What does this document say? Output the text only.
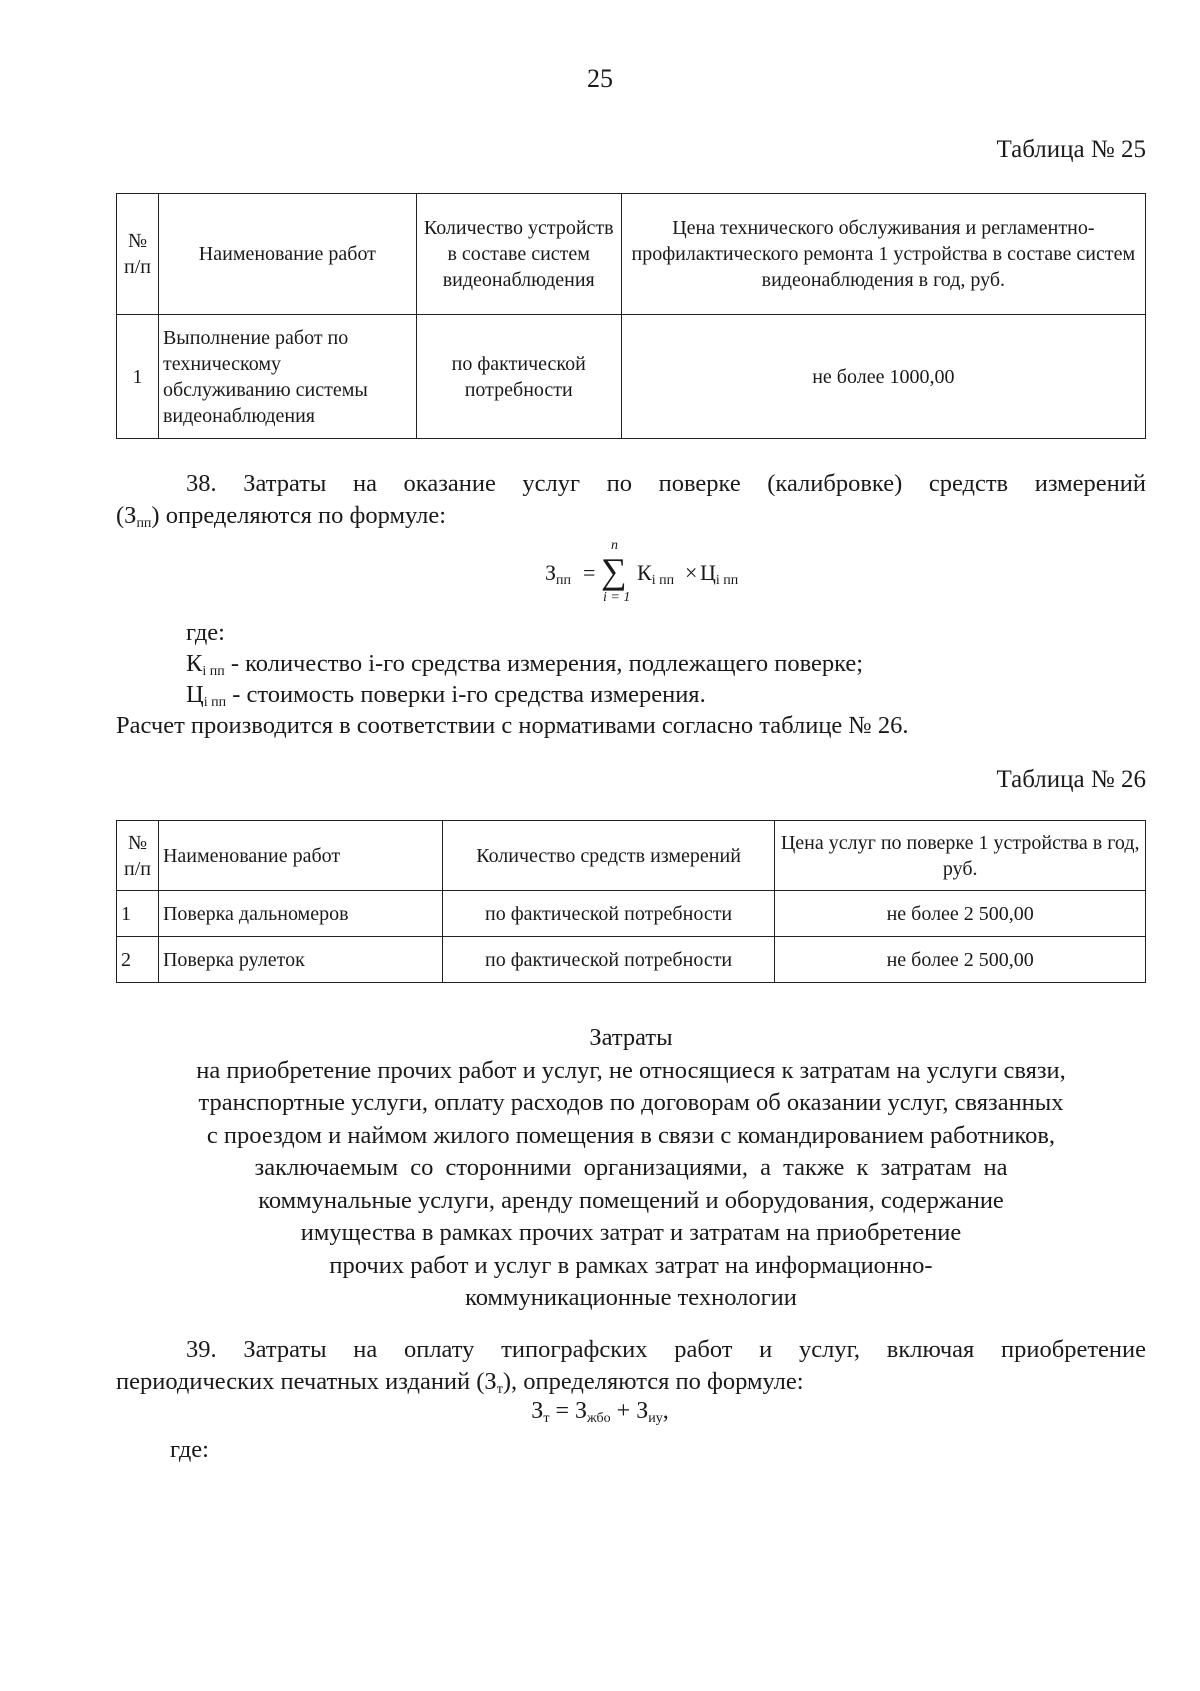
25
Таблица № 25
№ п/п	Наименование работ	Количество устройств в составе систем видеонаблюдения	Цена технического обслуживания и регламентно-профилактического ремонта 1 устройства в составе систем видеонаблюдения в год, руб.
1	Выполнение работ по техническому обслуживанию системы видеонаблюдения	по фактической потребности	не более 1000,00
38. Затраты на оказание услуг по поверке (калибровке) средств измерений
$(З_{пп})$ определяются по формуле:
$З_{пп}$ =
n
∑
i = 1
$К_{i пп} \times Ц_{i пп}$
где:
$К_{i пп}$ - количество i-го средства измерения, подлежащего поверке;
$Ц_{i пп}$ - стоимость поверки i-го средства измерения.
Расчет производится в соответствии с нормативами согласно таблице № 26.
Таблица № 26
№ п/п	Наименование работ	Количество средств измерений	Цена услуг по поверке 1 устройства в год, руб.
1	Поверка дальномеров	по фактической потребности	не более 2 500,00
2	Поверка рулеток	по фактической потребности	не более 2 500,00
Затраты
на приобретение прочих работ и услуг, не относящиеся к затратам на услуги связи,
транспортные услуги, оплату расходов по договорам об оказании услуг, связанных
с проездом и наймом жилого помещения в связи с командированием работников,
заключаемым со сторонними организациями, а также к затратам на
коммунальные услуги, аренду помещений и оборудования, содержание
имущества в рамках прочих затрат и затратам на приобретение
прочих работ и услуг в рамках затрат на информационно-
коммуникационные технологии
39. Затраты на оплату типографских работ и услуг, включая приобретение
периодических печатных изданий $(З_т)$, определяются по формуле:
$З_т = З_{жбо} + З_{иу}$,
где:
